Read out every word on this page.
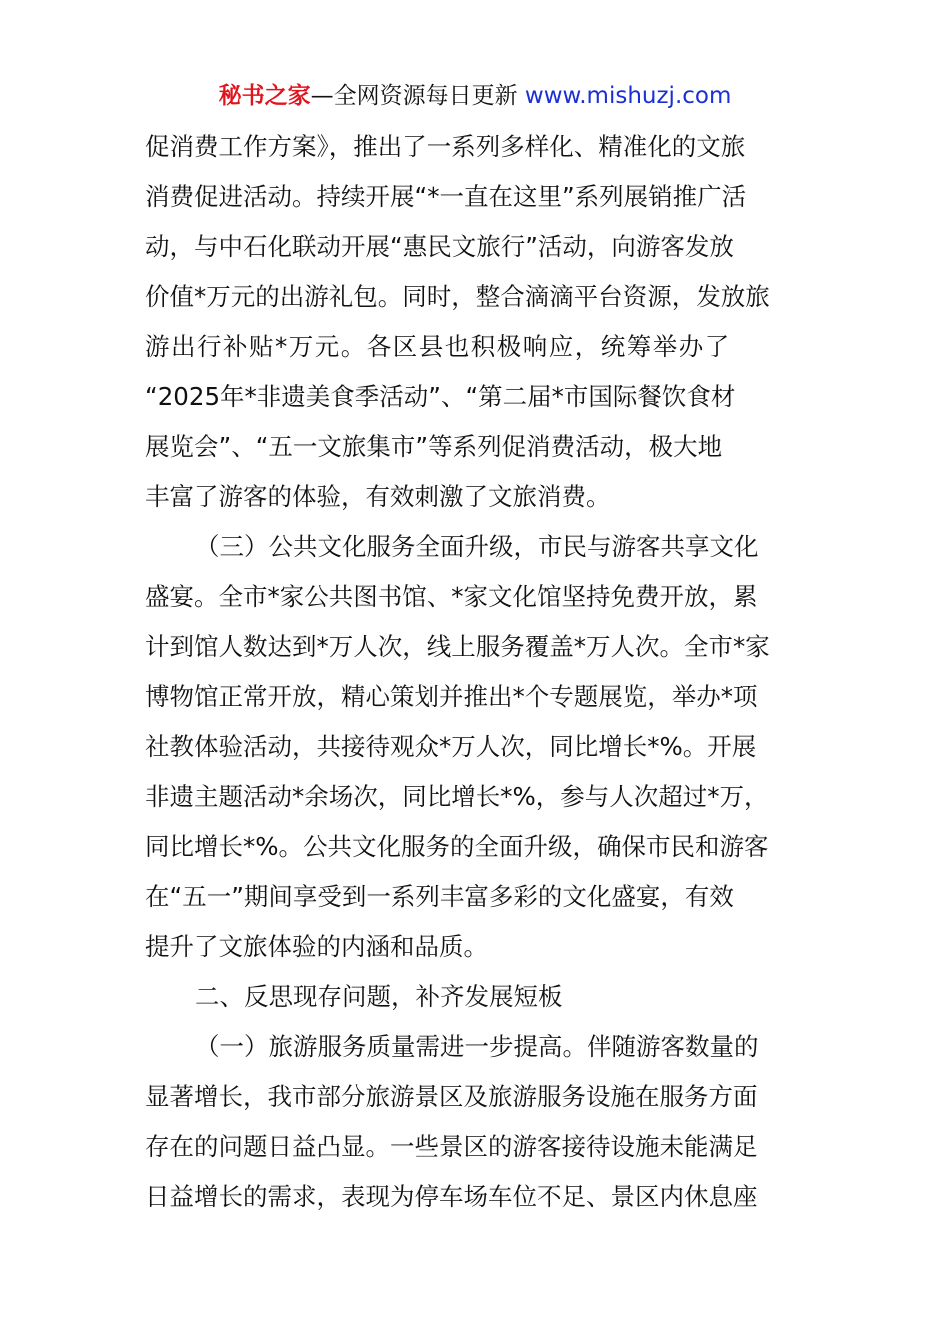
秘书之家—全网资源每日更新 www.mishuzj.com
促消费工作方案》，推出了一系列多样化、精准化的文旅
消费促进活动。持续开展“*一直在这里”系列展销推广活
动，与中石化联动开展“惠民文旅行”活动，向游客发放
价值*万元的出游礼包。同时，整合滴滴平台资源，发放旅
游出行补贴*万元。各区县也积极响应，统筹举办了
“2025年*非遗美食季活动”、“第二届*市国际餐饮食材
展览会”、“五一文旅集市”等系列促消费活动，极大地
丰富了游客的体验，有效刺激了文旅消费。
（三）公共文化服务全面升级，市民与游客共享文化
盛宴。全市*家公共图书馆、*家文化馆坚持免费开放，累
计到馆人数达到*万人次，线上服务覆盖*万人次。全市*家
博物馆正常开放，精心策划并推出*个专题展览，举办*项
社教体验活动，共接待观众*万人次，同比增长*%。开展
非遗主题活动*余场次，同比增长*%，参与人次超过*万，
同比增长*%。公共文化服务的全面升级，确保市民和游客
在“五一”期间享受到一系列丰富多彩的文化盛宴，有效
提升了文旅体验的内涵和品质。
二、反思现存问题，补齐发展短板
（一）旅游服务质量需进一步提高。伴随游客数量的
显著增长，我市部分旅游景区及旅游服务设施在服务方面
存在的问题日益凸显。一些景区的游客接待设施未能满足
日益增长的需求，表现为停车场车位不足、景区内休息座
